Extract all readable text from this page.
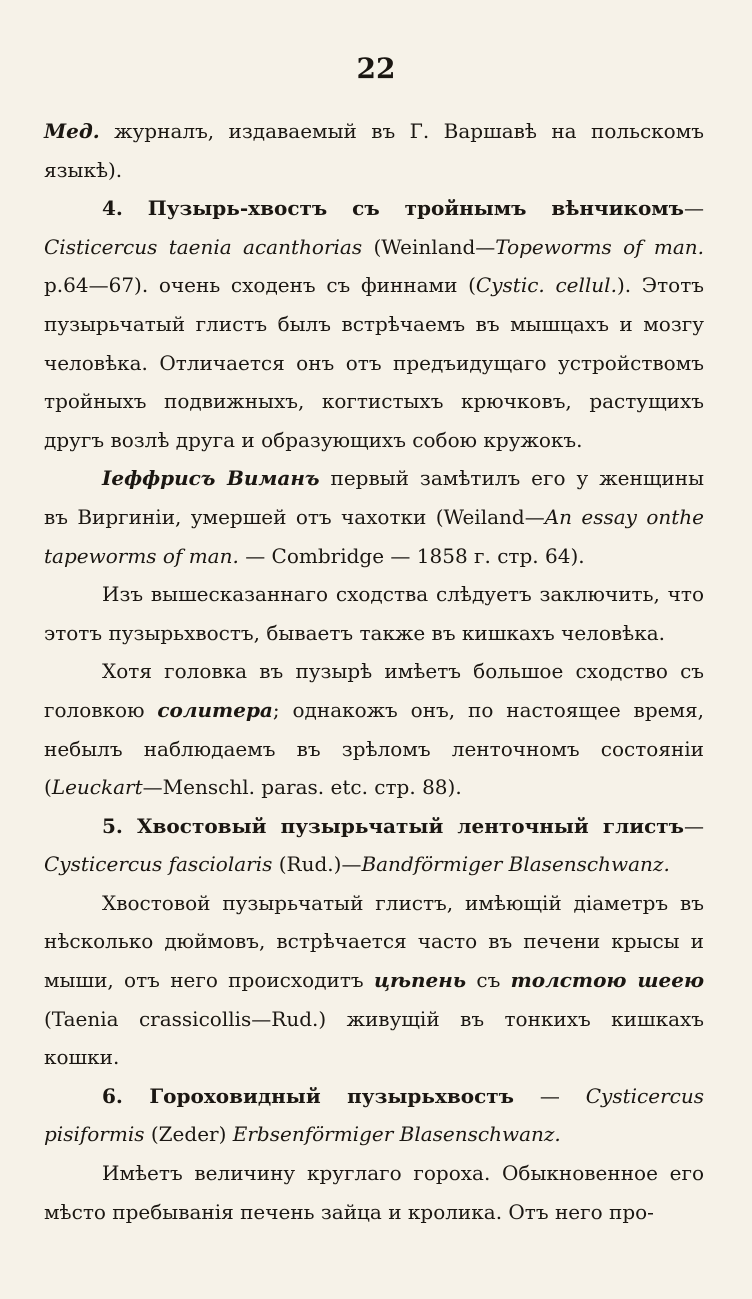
22

Мед. журналъ, издаваемый въ Г. Варшавѣ на польскомъ языкѣ).

4. Пузырь-хвостъ съ тройнымъ вѣнчикомъ—Cisticercus taenia acanthorias (Weinland—Topeworms of man. p.64—67). очень сходенъ съ финнами (Cystic. cellul.). Этотъ пузырьчатый глистъ былъ встрѣчаемъ въ мышцахъ и мозгу человѣка. Отличается онъ отъ предъидущаго устройствомъ тройныхъ подвижныхъ, когтистыхъ крючковъ, растущихъ другъ возлѣ друга и образующихъ собою кружокъ.

Іеффрисъ Виманъ первый замѣтилъ его у женщины въ Виргиніи, умершей отъ чахотки (Weiland—An essay onthe tapeworms of man. — Combridge — 1858 г. стр. 64).

Изъ вышесказаннаго сходства слѣдуетъ заключить, что этотъ пузырьхвостъ, бываетъ также въ кишкахъ человѣка.

Хотя головка въ пузырѣ имѣетъ большое сходство съ головкою солитера; однакожъ онъ, по настоящее время, небылъ наблюдаемъ въ зрѣломъ ленточномъ состояніи (Leuckart—Menschl. paras. etc. стр. 88).

5. Хвостовый пузырьчатый ленточный глистъ—Cysticercus fasciolaris (Rud.)—Bandförmiger Blasenschwanz.

Хвостовой пузырьчатый глистъ, имѣющій діаметръ въ нѣсколько дюймовъ, встрѣчается часто въ печени крысы и мыши, отъ него происходитъ цѣпень съ толстою шеею (Taenia crassicollis—Rud.) живущій въ тонкихъ кишкахъ кошки.

6. Гороховидный пузырьхвостъ — Cysticercus pisiformis (Zeder) Erbsenförmiger Blasenschwanz.

Имѣетъ величину круглаго гороха. Обыкновенное его мѣсто пребыванія печень зайца и кролика. Отъ него про-
